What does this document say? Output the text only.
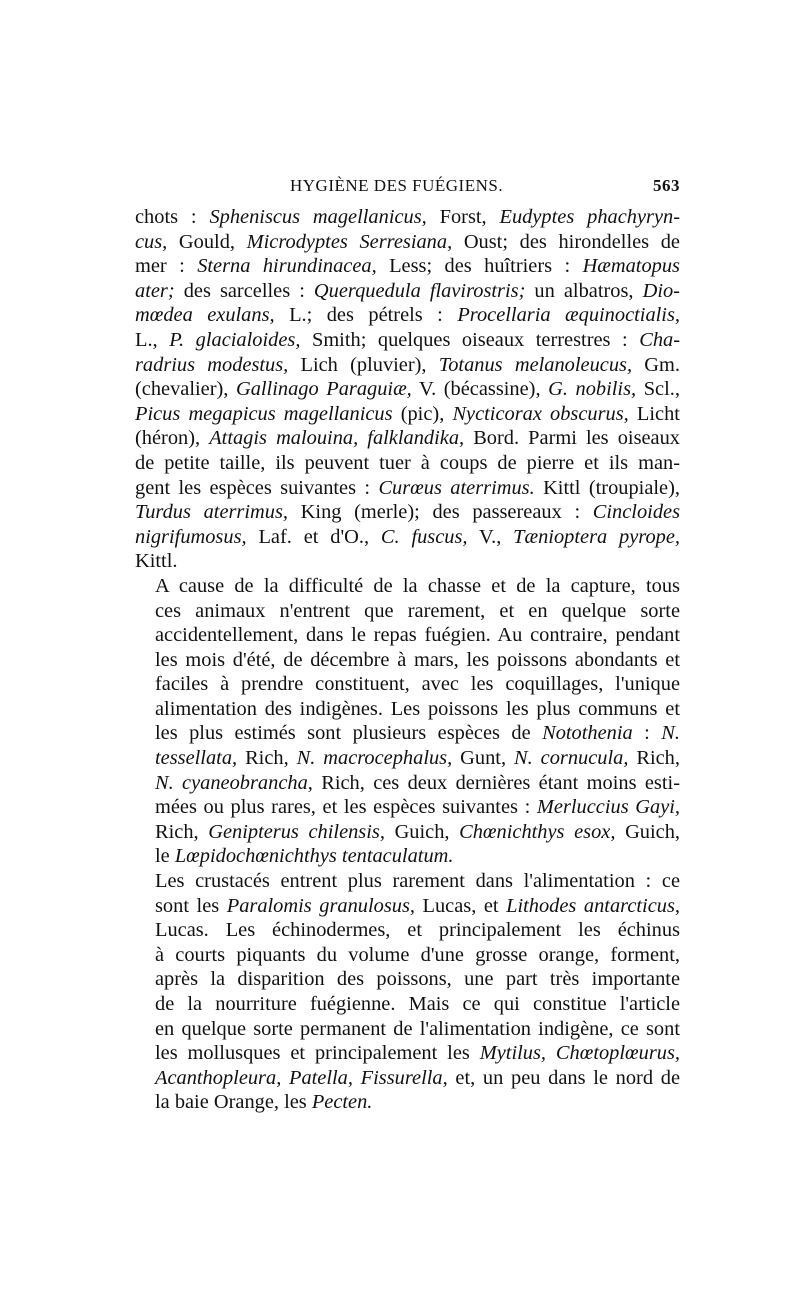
HYGIÈNE DES FUÉGIENS.	563

chots : Spheniscus magellanicus, Forst, Eudyptes phachyryn-
cus, Gould, Microdyptes Serresiana, Oust; des hirondelles de
mer : Sterna hirundinacea, Less; des huîtriers : Hæmatopus
ater; des sarcelles : Querquedula flavirostris; un albatros, Dio-
mœdea exulans, L.; des pétrels : Procellaria æquinoctialis,
L., P. glacialoides, Smith; quelques oiseaux terrestres : Cha-
radrius modestus, Lich (pluvier), Totanus melanoleucus, Gm.
(chevalier), Gallinago Paraguiæ, V. (bécassine), G. nobilis, Scl.,
Picus megapicus magellanicus (pic), Nycticorax obscurus, Licht
(héron), Attagis malouina, falklandika, Bord. Parmi les oiseaux
de petite taille, ils peuvent tuer à coups de pierre et ils man-
gent les espèces suivantes : Curœus aterrimus. Kittl (troupiale),
Turdus aterrimus, King (merle); des passereaux : Cincloides
nigrifumosus, Laf. et d'O., C. fuscus, V., Tænioptera pyrope,
Kittl.

A cause de la difficulté de la chasse et de la capture, tous
ces animaux n'entrent que rarement, et en quelque sorte
accidentellement, dans le repas fuégien. Au contraire, pendant
les mois d'été, de décembre à mars, les poissons abondants et
faciles à prendre constituent, avec les coquillages, l'unique
alimentation des indigènes. Les poissons les plus communs et
les plus estimés sont plusieurs espèces de Notothenia : N.
tessellata, Rich, N. macrocephalus, Gunt, N. cornucula, Rich,
N. cyaneobrancha, Rich, ces deux dernières étant moins esti-
mées ou plus rares, et les espèces suivantes : Merluccius Gayi,
Rich, Genipterus chilensis, Guich, Chœnichthys esox, Guich,
le Lœpidochœnichthys tentaculatum.

Les crustacés entrent plus rarement dans l'alimentation : ce
sont les Paralomis granulosus, Lucas, et Lithodes antarcticus,
Lucas. Les échinodermes, et principalement les échinus
à courts piquants du volume d'une grosse orange, forment,
après la disparition des poissons, une part très importante
de la nourriture fuégienne. Mais ce qui constitue l'article
en quelque sorte permanent de l'alimentation indigène, ce sont
les mollusques et principalement les Mytilus, Chœtoplœurus,
Acanthopleura, Patella, Fissurella, et, un peu dans le nord de
la baie Orange, les Pecten.
